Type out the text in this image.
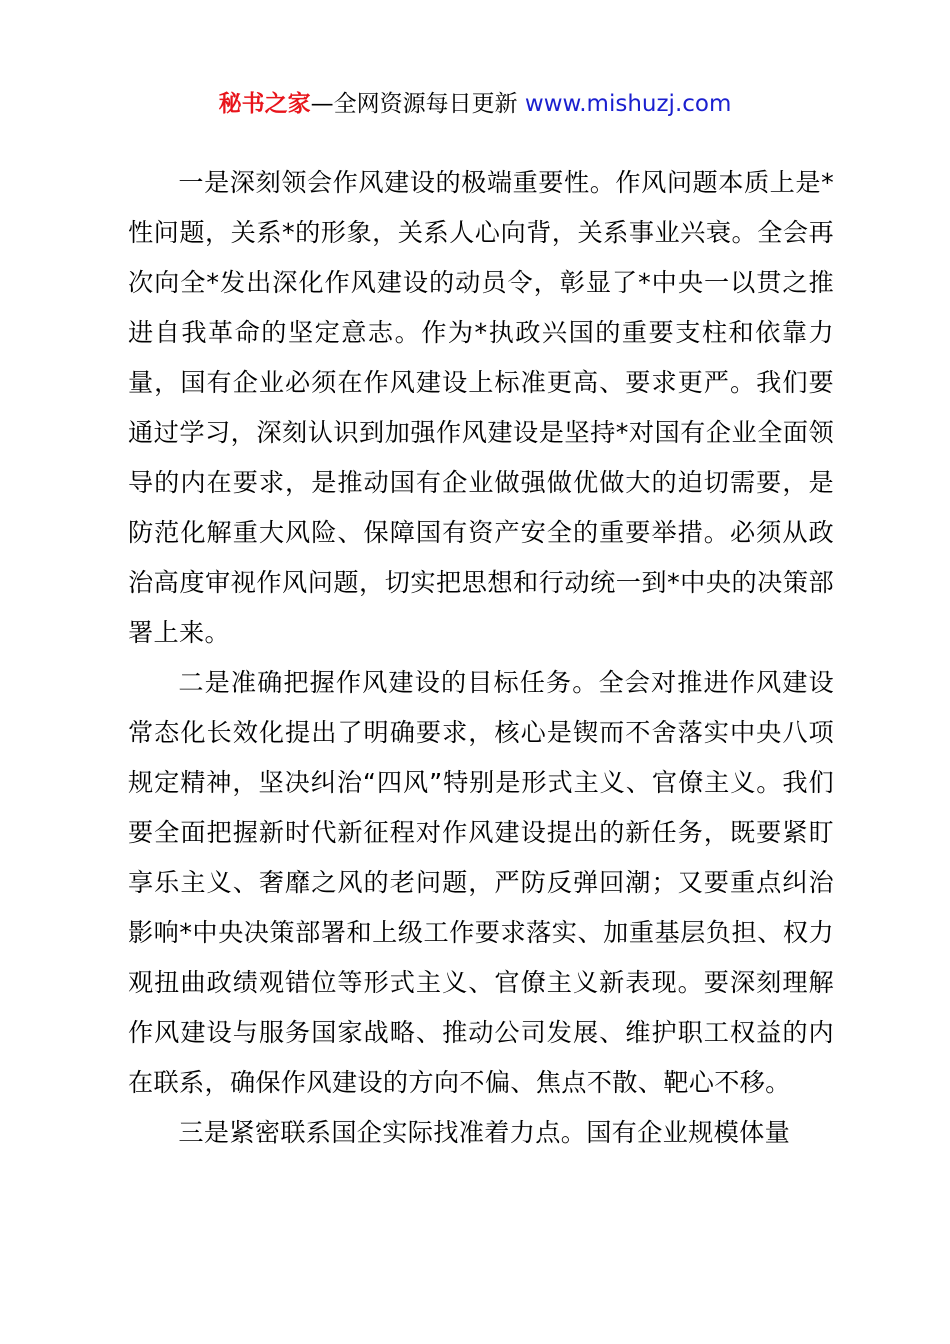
秘书之家—全网资源每日更新 www.mishuzj.com

一是深刻领会作风建设的极端重要性。作风问题本质上是*性问题，关系*的形象，关系人心向背，关系事业兴衰。全会再次向全*发出深化作风建设的动员令，彰显了*中央一以贯之推进自我革命的坚定意志。作为*执政兴国的重要支柱和依靠力量，国有企业必须在作风建设上标准更高、要求更严。我们要通过学习，深刻认识到加强作风建设是坚持*对国有企业全面领导的内在要求，是推动国有企业做强做优做大的迫切需要，是防范化解重大风险、保障国有资产安全的重要举措。必须从政治高度审视作风问题，切实把思想和行动统一到*中央的决策部署上来。

二是准确把握作风建设的目标任务。全会对推进作风建设常态化长效化提出了明确要求，核心是锲而不舍落实中央八项规定精神，坚决纠治“四风”特别是形式主义、官僚主义。我们要全面把握新时代新征程对作风建设提出的新任务，既要紧盯享乐主义、奢靡之风的老问题，严防反弹回潮；又要重点纠治影响*中央决策部署和上级工作要求落实、加重基层负担、权力观扭曲政绩观错位等形式主义、官僚主义新表现。要深刻理解作风建设与服务国家战略、推动公司发展、维护职工权益的内在联系，确保作风建设的方向不偏、焦点不散、靶心不移。

三是紧密联系国企实际找准着力点。国有企业规模体量
